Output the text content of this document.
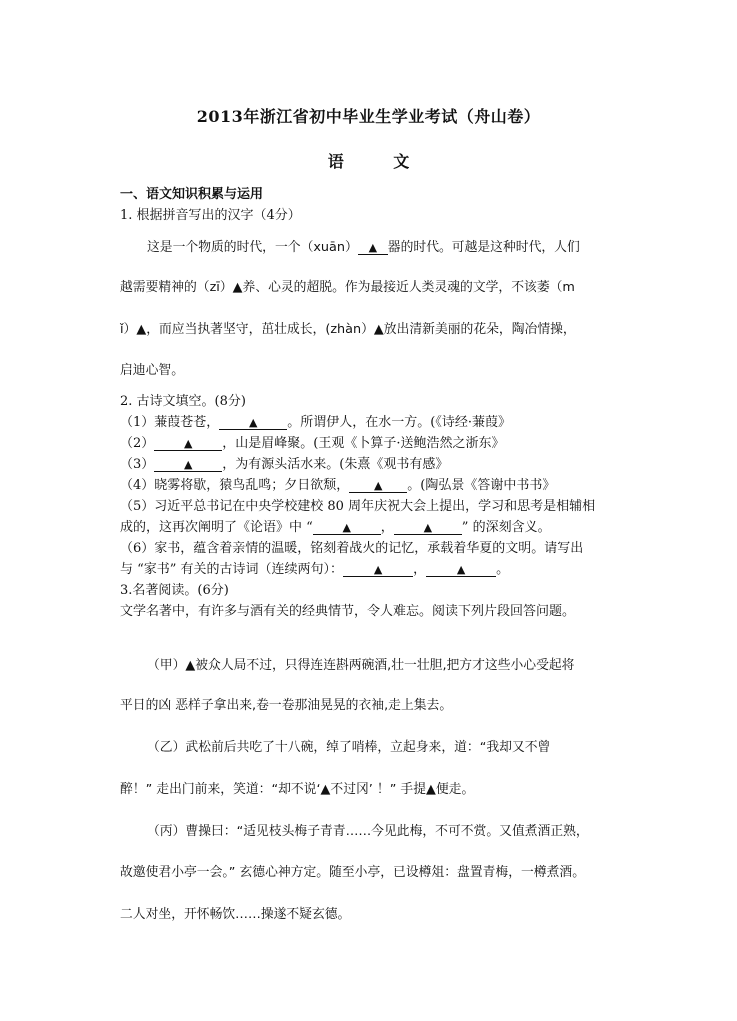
2013年浙江省初中毕业生学业考试（舟山卷）
语 文
一、语文知识积累与运用
1. 根据拼音写出的汉字（4分）
这是一个物质的时代，一个（xuān） ▲ 器的时代。可越是这种时代，人们
越需要精神的（zī）▲养、心灵的超脱。作为最接近人类灵魂的文学，不该萎（m
ǐ）▲，而应当执著坚守，茁壮成长，(zhàn）▲放出清新美丽的花朵，陶冶情操，
启迪心智。
2. 古诗文填空。(8分)
（1）蒹葭苍苍，	▲ 。所谓伊人，在水一方。(《诗经·蒹葭》
（2）	▲ ，山是眉峰聚。(王观《卜算子·送鲍浩然之浙东》
（3）	▲ ，为有源头活水来。(朱熹《观书有感》
（4）晓雾将歇，猿鸟乱鸣；夕日欲颓， ▲ 。(陶弘景《答谢中书书》
（5）习近平总书记在中央学校建校 80 周年庆祝大会上提出，学习和思考是相辅相
成的，这再次阐明了《论语》中 “	▲ ，	▲ ” 的深刻含义。
（6）家书，蕴含着亲情的温暖，铭刻着战火的记忆，承载着华夏的文明。请写出
与 “家书” 有关的古诗词（连续两句）：	▲ ，	▲ 。
3.名著阅读。(6分)
文学名著中，有许多与酒有关的经典情节，令人难忘。阅读下列片段回答问题。
（甲）▲被众人局不过，只得连连斟两碗酒,壮一壮胆,把方才这些小心受起将
平日的凶 恶样子拿出来,卷一卷那油晃晃的衣袖,走上集去。
（乙）武松前后共吃了十八碗，绰了哨棒，立起身来，道：“我却又不曾
醉！” 走出门前来，笑道：“却不说‘▲不过冈’ ！” 手提▲便走。
（丙）曹操曰：“适见枝头梅子青青……今见此梅，不可不赏。又值煮酒正熟，
故邀使君小亭一会。” 玄德心神方定。随至小亭，已设樽俎：盘置青梅，一樽煮酒。
二人对坐，开怀畅饮……操遂不疑玄德。
